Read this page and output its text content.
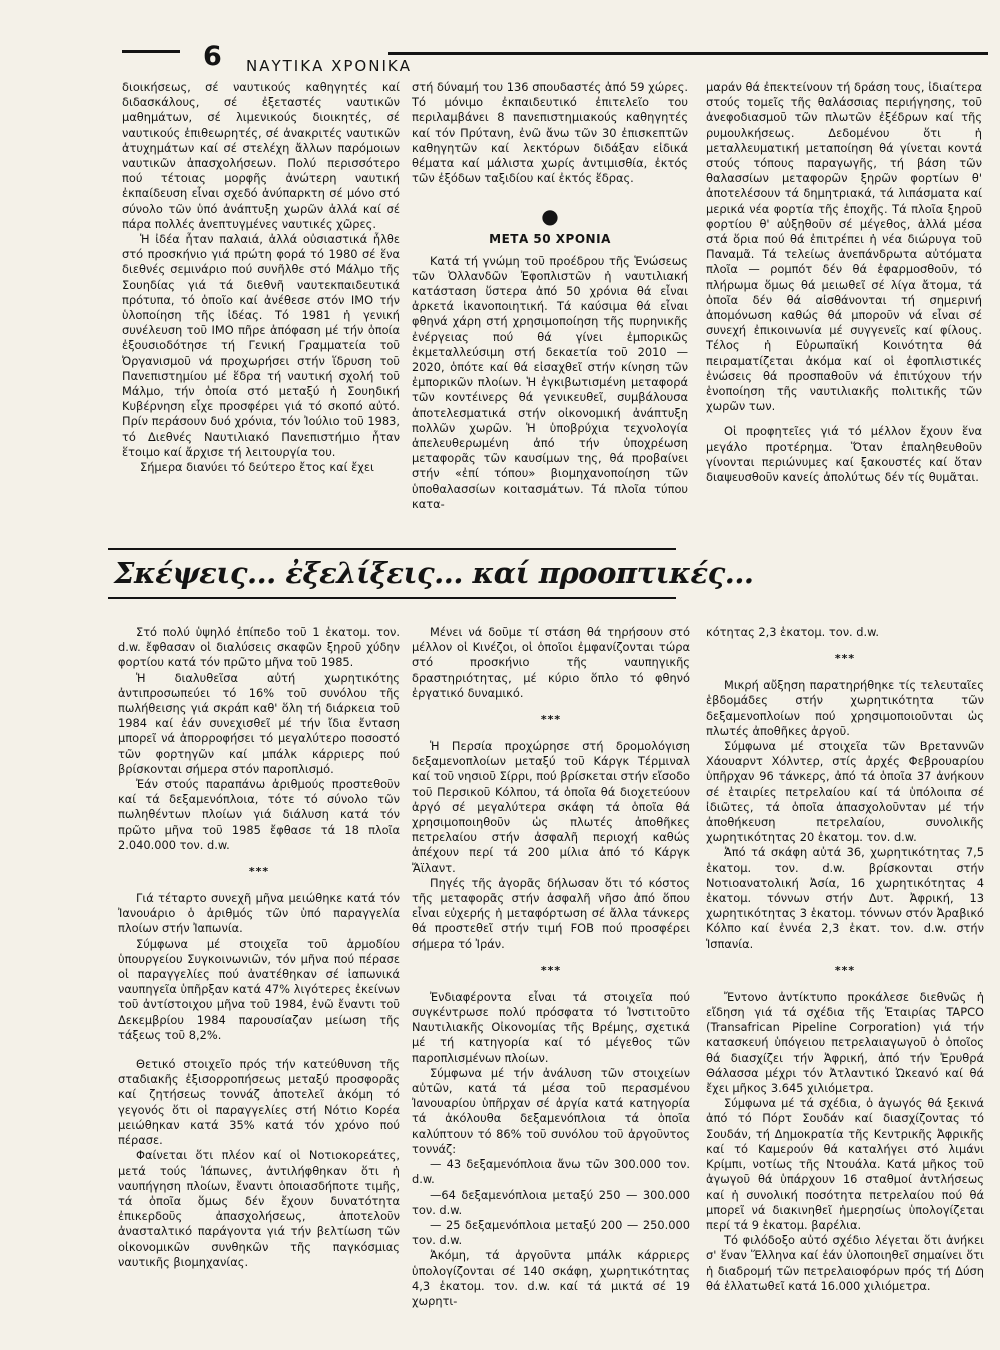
6 ΝΑΥΤΙΚΑ ΧΡΟΝΙΚΑ

διοικήσεως, σέ ναυτικούς καθηγητές καί διδασκάλους, σέ ἐξεταστές ναυτικῶν μαθημάτων, σέ λιμενικούς διοικητές, σέ ναυτικούς ἐπιθεωρητές, σέ ἀνακριτές ναυτικῶν ἀτυχημάτων καί σέ στελέχη ἄλλων παρόμοιων ναυτικῶν ἀπασχολήσεων. Πολύ περισσότερο πού τέτοιας μορφῆς ἀνώτερη ναυτική ἐκπαίδευση εἶναι σχεδό ἀνύπαρκτη σέ μόνο στό σύνολο τῶν ὑπό ἀνάπτυξη χωρῶν ἀλλά καί σέ πάρα πολλές ἀνεπτυγμένες ναυτικές χῶρες.

Ἡ ἰδέα ἦταν παλαιά, ἀλλά οὐσιαστικά ἦλθε στό προσκήνιο γιά πρώτη φορά τό 1980 σέ ἕνα διεθνές σεμινάριο πού συνῆλθε στό Μάλμο τῆς Σουηδίας γιά τά διεθνῆ ναυτεκπαιδευτικά πρότυπα, τό ὁποῖο καί ἀνέθεσε στόν IMO τήν ὑλοποίηση τῆς ἰδέας. Τό 1981 ἡ γενική συνέλευση τοῦ IMO πῆρε ἀπόφαση μέ τήν ὁποία ἐξουσιοδότησε τή Γενική Γραμματεία τοῦ Ὀργανισμοῦ νά προχωρήσει στήν ἵδρυση τοῦ Πανεπιστημίου μέ ἕδρα τή ναυτική σχολή τοῦ Μάλμο, τήν ὁποία στό μεταξύ ἡ Σουηδική Κυβέρνηση εἶχε προσφέρει γιά τό σκοπό αὐτό. Πρίν περάσουν δυό χρόνια, τόν Ἰούλιο τοῦ 1983, τό Διεθνές Ναυτιλιακό Πανεπιστήμιο ἦταν ἕτοιμο καί ἄρχισε τή λειτουργία του.

Σήμερα διανύει τό δεύτερο ἔτος καί ἔχει

στή δύναμή του 136 σπουδαστές ἀπό 59 χώρες. Τό μόνιμο ἐκπαιδευτικό ἐπιτελεῖο του περιλαμβάνει 8 πανεπιστημιακούς καθηγητές καί τόν Πρύτανη, ἐνῶ ἄνω τῶν 30 ἐπισκεπτῶν καθηγητῶν καί λεκτόρων διδάξαν εἰδικά θέματα καί μάλιστα χωρίς ἀντιμισθία, ἐκτός τῶν ἐξόδων ταξιδίου καί ἐκτός ἕδρας.

●
ΜΕΤΑ 50 ΧΡΟΝΙΑ

Κατά τή γνώμη τοῦ προέδρου τῆς Ἑνώσεως τῶν Ὀλλανδῶν Ἐφοπλιστῶν ἡ ναυτιλιακή κατάσταση ὕστερα ἀπό 50 χρόνια θά εἶναι ἀρκετά ἱκανοποιητική. Τά καύσιμα θά εἶναι φθηνά χάρη στή χρησιμοποίηση τῆς πυρηνικῆς ἐνέργειας πού θά γίνει ἐμπορικῶς ἐκμεταλλεύσιμη στή δεκαετία τοῦ 2010 — 2020, ὁπότε καί θά εἰσαχθεῖ στήν κίνηση τῶν ἐμπορικῶν πλοίων. Ἡ ἐγκιβωτισμένη μεταφορά τῶν κοντέινερς θά γενικευθεῖ, συμβάλουσα ἀποτελεσματικά στήν οἰκονομική ἀνάπτυξη πολλῶν χωρῶν. Ἡ ὑποβρύχια τεχνολογία ἀπελευθερωμένη ἀπό τήν ὑποχρέωση μεταφορᾶς τῶν καυσίμων της, θά προβαίνει στήν «ἐπί τόπου» βιομηχανοποίηση τῶν ὑποθαλασσίων κοιτασμάτων. Τά πλοῖα τύπου κατα-

μαράν θά ἐπεκτείνουν τή δράση τους, ἰδιαίτερα στούς τομεῖς τῆς θαλάσσιας περιήγησης, τοῦ ἀνεφοδιασμοῦ τῶν πλωτῶν ἐξέδρων καί τῆς ρυμουλκήσεως. Δεδομένου ὅτι ἡ μεταλλευματική μεταποίηση θά γίνεται κοντά στούς τόπους παραγωγῆς, τή βάση τῶν θαλασσίων μεταφορῶν ξηρῶν φορτίων θ' ἀποτελέσουν τά δημητριακά, τά λιπάσματα καί μερικά νέα φορτία τῆς ἐποχῆς. Τά πλοῖα ξηροῦ φορτίου θ' αὐξηθοῦν σέ μέγεθος, ἀλλά μέσα στά ὅρια πού θά ἐπιτρέπει ἡ νέα διώρυγα τοῦ Παναμᾶ. Τά τελείως ἀνεπάνδρωτα αὐτόματα πλοῖα — ρομπότ δέν θά ἐφαρμοσθοῦν, τό πλήρωμα ὅμως θά μειωθεῖ σέ λίγα ἄτομα, τά ὁποῖα δέν θά αἰσθάνονται τή σημερινή ἀπομόνωση καθώς θά μποροῦν νά εἶναι σέ συνεχή ἐπικοινωνία μέ συγγενεῖς καί φίλους. Τέλος ἡ Εὐρωπαϊκή Κοινότητα θά πειραματίζεται ἀκόμα καί οἱ ἐφοπλιστικές ἑνώσεις θά προσπαθοῦν νά ἐπιτύχουν τήν ἑνοποίηση τῆς ναυτιλιακῆς πολιτικῆς τῶν χωρῶν των.

Οἱ προφητεῖες γιά τό μέλλον ἔχουν ἕνα μεγάλο προτέρημα. Ὅταν ἐπαληθευθοῦν γίνονται περιώνυμες καί ξακουστές καί ὅταν διαψευσθοῦν κανείς ἀπολύτως δέν τίς θυμᾶται.

Σκέψεις... ἐξελίξεις... καί προοπτικές...

Στό πολύ ὑψηλό ἐπίπεδο τοῦ 1 ἑκατομ. τον. d.w. ἔφθασαν οἱ διαλύσεις σκαφῶν ξηροῦ χύδην φορτίου κατά τόν πρῶτο μῆνα τοῦ 1985.

Ἡ διαλυθεῖσα αὐτή χωρητικότης ἀντιπροσωπεύει τό 16% τοῦ συνόλου τῆς πωλήθεισης γιά σκράπ καθ' ὅλη τή διάρκεια τοῦ 1984 καί ἐάν συνεχισθεῖ μέ τήν ἴδια ἔνταση μπορεῖ νά ἀπορροφήσει τό μεγαλύτερο ποσοστό τῶν φορτηγῶν καί μπάλκ κάρριερς πού βρίσκονται σήμερα στόν παροπλισμό.

Ἐάν στούς παραπάνω ἀριθμούς προστεθοῦν καί τά δεξαμενόπλοια, τότε τό σύνολο τῶν πωληθέντων πλοίων γιά διάλυση κατά τόν πρῶτο μῆνα τοῦ 1985 ἔφθασε τά 18 πλοῖα 2.040.000 τον. d.w.

***

Γιά τέταρτο συνεχῆ μῆνα μειώθηκε κατά τόν Ἰανουάριο ὁ ἀριθμός τῶν ὑπό παραγγελία πλοίων στήν Ἰαπωνία.

Σύμφωνα μέ στοιχεῖα τοῦ ἁρμοδίου ὑπουργείου Συγκοινωνιῶν, τόν μῆνα πού πέρασε οἱ παραγγελίες πού ἀνατέθηκαν σέ ἰαπωνικά ναυπηγεῖα ὑπῆρξαν κατά 47% λιγότερες ἐκείνων τοῦ ἀντίστοιχου μῆνα τοῦ 1984, ἐνῶ ἔναντι τοῦ Δεκεμβρίου 1984 παρουσίαζαν μείωση τῆς τάξεως τοῦ 8,2%.

Θετικό στοιχεῖο πρός τήν κατεύθυνση τῆς σταδιακῆς ἐξισορροπήσεως μεταξύ προσφορᾶς καί ζητήσεως τοννάζ ἀποτελεῖ ἀκόμη τό γεγονός ὅτι οἱ παραγγελίες στή Νότιο Κορέα μειώθηκαν κατά 35% κατά τόν χρόνο πού πέρασε.

Φαίνεται ὅτι πλέον καί οἱ Νοτιοκορεάτες, μετά τούς Ἰάπωνες, ἀντιλήφθηκαν ὅτι ἡ ναυπήγηση πλοίων, ἔναντι ὁποιασδήποτε τιμῆς, τά ὁποῖα ὅμως δέν ἔχουν δυνατότητα ἐπικερδοῦς ἀπασχολήσεως, ἀποτελοῦν ἀνασταλτικό παράγοντα γιά τήν βελτίωση τῶν οἰκονομικῶν συνθηκῶν τῆς παγκόσμιας ναυτικῆς βιομηχανίας.

Μένει νά δοῦμε τί στάση θά τηρήσουν στό μέλλον οἱ Κινέζοι, οἱ ὁποῖοι ἐμφανίζονται τώρα στό προσκήνιο τῆς ναυπηγικῆς δραστηριότητας, μέ κύριο ὅπλο τό φθηνό ἐργατικό δυναμικό.

***

Ἡ Περσία προχώρησε στή δρομολόγιση δεξαμενοπλοίων μεταξύ τοῦ Κάργκ Τέρμιναλ καί τοῦ νησιοῦ Σίρρι, πού βρίσκεται στήν εἴσοδο τοῦ Περσικοῦ Κόλπου, τά ὁποῖα θά διοχετεύουν ἀργό σέ μεγαλύτερα σκάφη τά ὁποῖα θά χρησιμοποιηθοῦν ὡς πλωτές ἀποθῆκες πετρελαίου στήν ἀσφαλῆ περιοχή καθώς ἀπέχουν περί τά 200 μίλια ἀπό τό Κάργκ Ἄϊλαντ.

Πηγές τῆς ἀγορᾶς δήλωσαν ὅτι τό κόστος τῆς μεταφορᾶς στήν ἀσφαλῆ νῆσο ἀπό ὅπου εἶναι εὐχερής ἡ μεταφόρτωση σέ ἄλλα τάνκερς θά προστεθεῖ στήν τιμή FOB πού προσφέρει σήμερα τό Ἰράν.

***

Ἐνδιαφέροντα εἶναι τά στοιχεῖα πού συγκέντρωσε πολύ πρόσφατα τό Ἰνστιτοῦτο Ναυτιλιακῆς Οἰκονομίας τῆς Βρέμης, σχετικά μέ τή κατηγορία καί τό μέγεθος τῶν παροπλισμένων πλοίων.

Σύμφωνα μέ τήν ἀνάλυση τῶν στοιχείων αὐτῶν, κατά τά μέσα τοῦ περασμένου Ἰανουαρίου ὑπῆρχαν σέ ἀργία κατά κατηγορία τά ἀκόλουθα δεξαμενόπλοια τά ὁποῖα καλύπτουν τό 86% τοῦ συνόλου τοῦ ἀργοῦντος τοννάζ:

— 43 δεξαμενόπλοια ἄνω τῶν 300.000 τον. d.w.

—64 δεξαμενόπλοια μεταξύ 250 — 300.000 τον. d.w.

— 25 δεξαμενόπλοια μεταξύ 200 — 250.000 τον. d.w.

Ἀκόμη, τά ἀργοῦντα μπάλκ κάρριερς ὑπολογίζονται σέ 140 σκάφη, χωρητικότητας 4,3 ἑκατομ. τον. d.w. καί τά μικτά σέ 19 χωρητι-

κότητας 2,3 ἑκατομ. τον. d.w.

***

Μικρή αὔξηση παρατηρήθηκε τίς τελευταῖες ἑβδομάδες στήν χωρητικότητα τῶν δεξαμενοπλοίων πού χρησιμοποιοῦνται ὡς πλωτές ἀποθῆκες ἀργοῦ.

Σύμφωνα μέ στοιχεῖα τῶν Βρεταννῶν Χάουαρντ Χόλντερ, στίς ἀρχές Φεβρουαρίου ὑπῆρχαν 96 τάνκερς, ἀπό τά ὁποῖα 37 ἀνήκουν σέ ἑταιρίες πετρελαίου καί τά ὑπόλοιπα σέ ἰδιῶτες, τά ὁποῖα ἀπασχολοῦνταν μέ τήν ἀποθήκευση πετρελαίου, συνολικῆς χωρητικότητας 20 ἑκατομ. τον. d.w.

Ἀπό τά σκάφη αὐτά 36, χωρητικότητας 7,5 ἑκατομ. τον. d.w. βρίσκονται στήν Νοτιοανατολική Ἀσία, 16 χωρητικότητας 4 ἑκατομ. τόννων στήν Δυτ. Ἀφρική, 13 χωρητικότητας 3 ἑκατομ. τόννων στόν Ἀραβικό Κόλπο καί ἐννέα 2,3 ἑκατ. τον. d.w. στήν Ἱσπανία.

***

Ἔντονο ἀντίκτυπο προκάλεσε διεθνῶς ἡ εἴδηση γιά τά σχέδια τῆς Ἑταιρίας TAPCO (Transafrican Pipeline Corporation) γιά τήν κατασκευή ὑπόγειου πετρελαιαγωγοῦ ὁ ὁποῖος θά διασχίζει τήν Ἀφρική, ἀπό τήν Ἐρυθρά Θάλασσα μέχρι τόν Ἀτλαντικό Ὠκεανό καί θά ἔχει μῆκος 3.645 χιλιόμετρα.

Σύμφωνα μέ τά σχέδια, ὁ ἀγωγός θά ξεκινά ἀπό τό Πόρτ Σουδάν καί διασχίζοντας τό Σουδάν, τή Δημοκρατία τῆς Κεντρικῆς Ἀφρικῆς καί τό Καμερούν θά καταλήγει στό λιμάνι Κρίμπι, νοτίως τῆς Ντουάλα. Κατά μῆκος τοῦ ἀγωγοῦ θά ὑπάρχουν 16 σταθμοί ἀντλήσεως καί ἡ συνολική ποσότητα πετρελαίου πού θά μπορεῖ νά διακινηθεῖ ἡμερησίως ὑπολογίζεται περί τά 9 ἑκατομ. βαρέλια.

Τό φιλόδοξο αὐτό σχέδιο λέγεται ὅτι ἀνήκει σ' ἕναν Ἕλληνα καί ἐάν ὑλοποιηθεῖ σημαίνει ὅτι ἡ διαδρομή τῶν πετρελαιοφόρων πρός τή Δύση θά ἐλλατωθεῖ κατά 16.000 χιλιόμετρα.
